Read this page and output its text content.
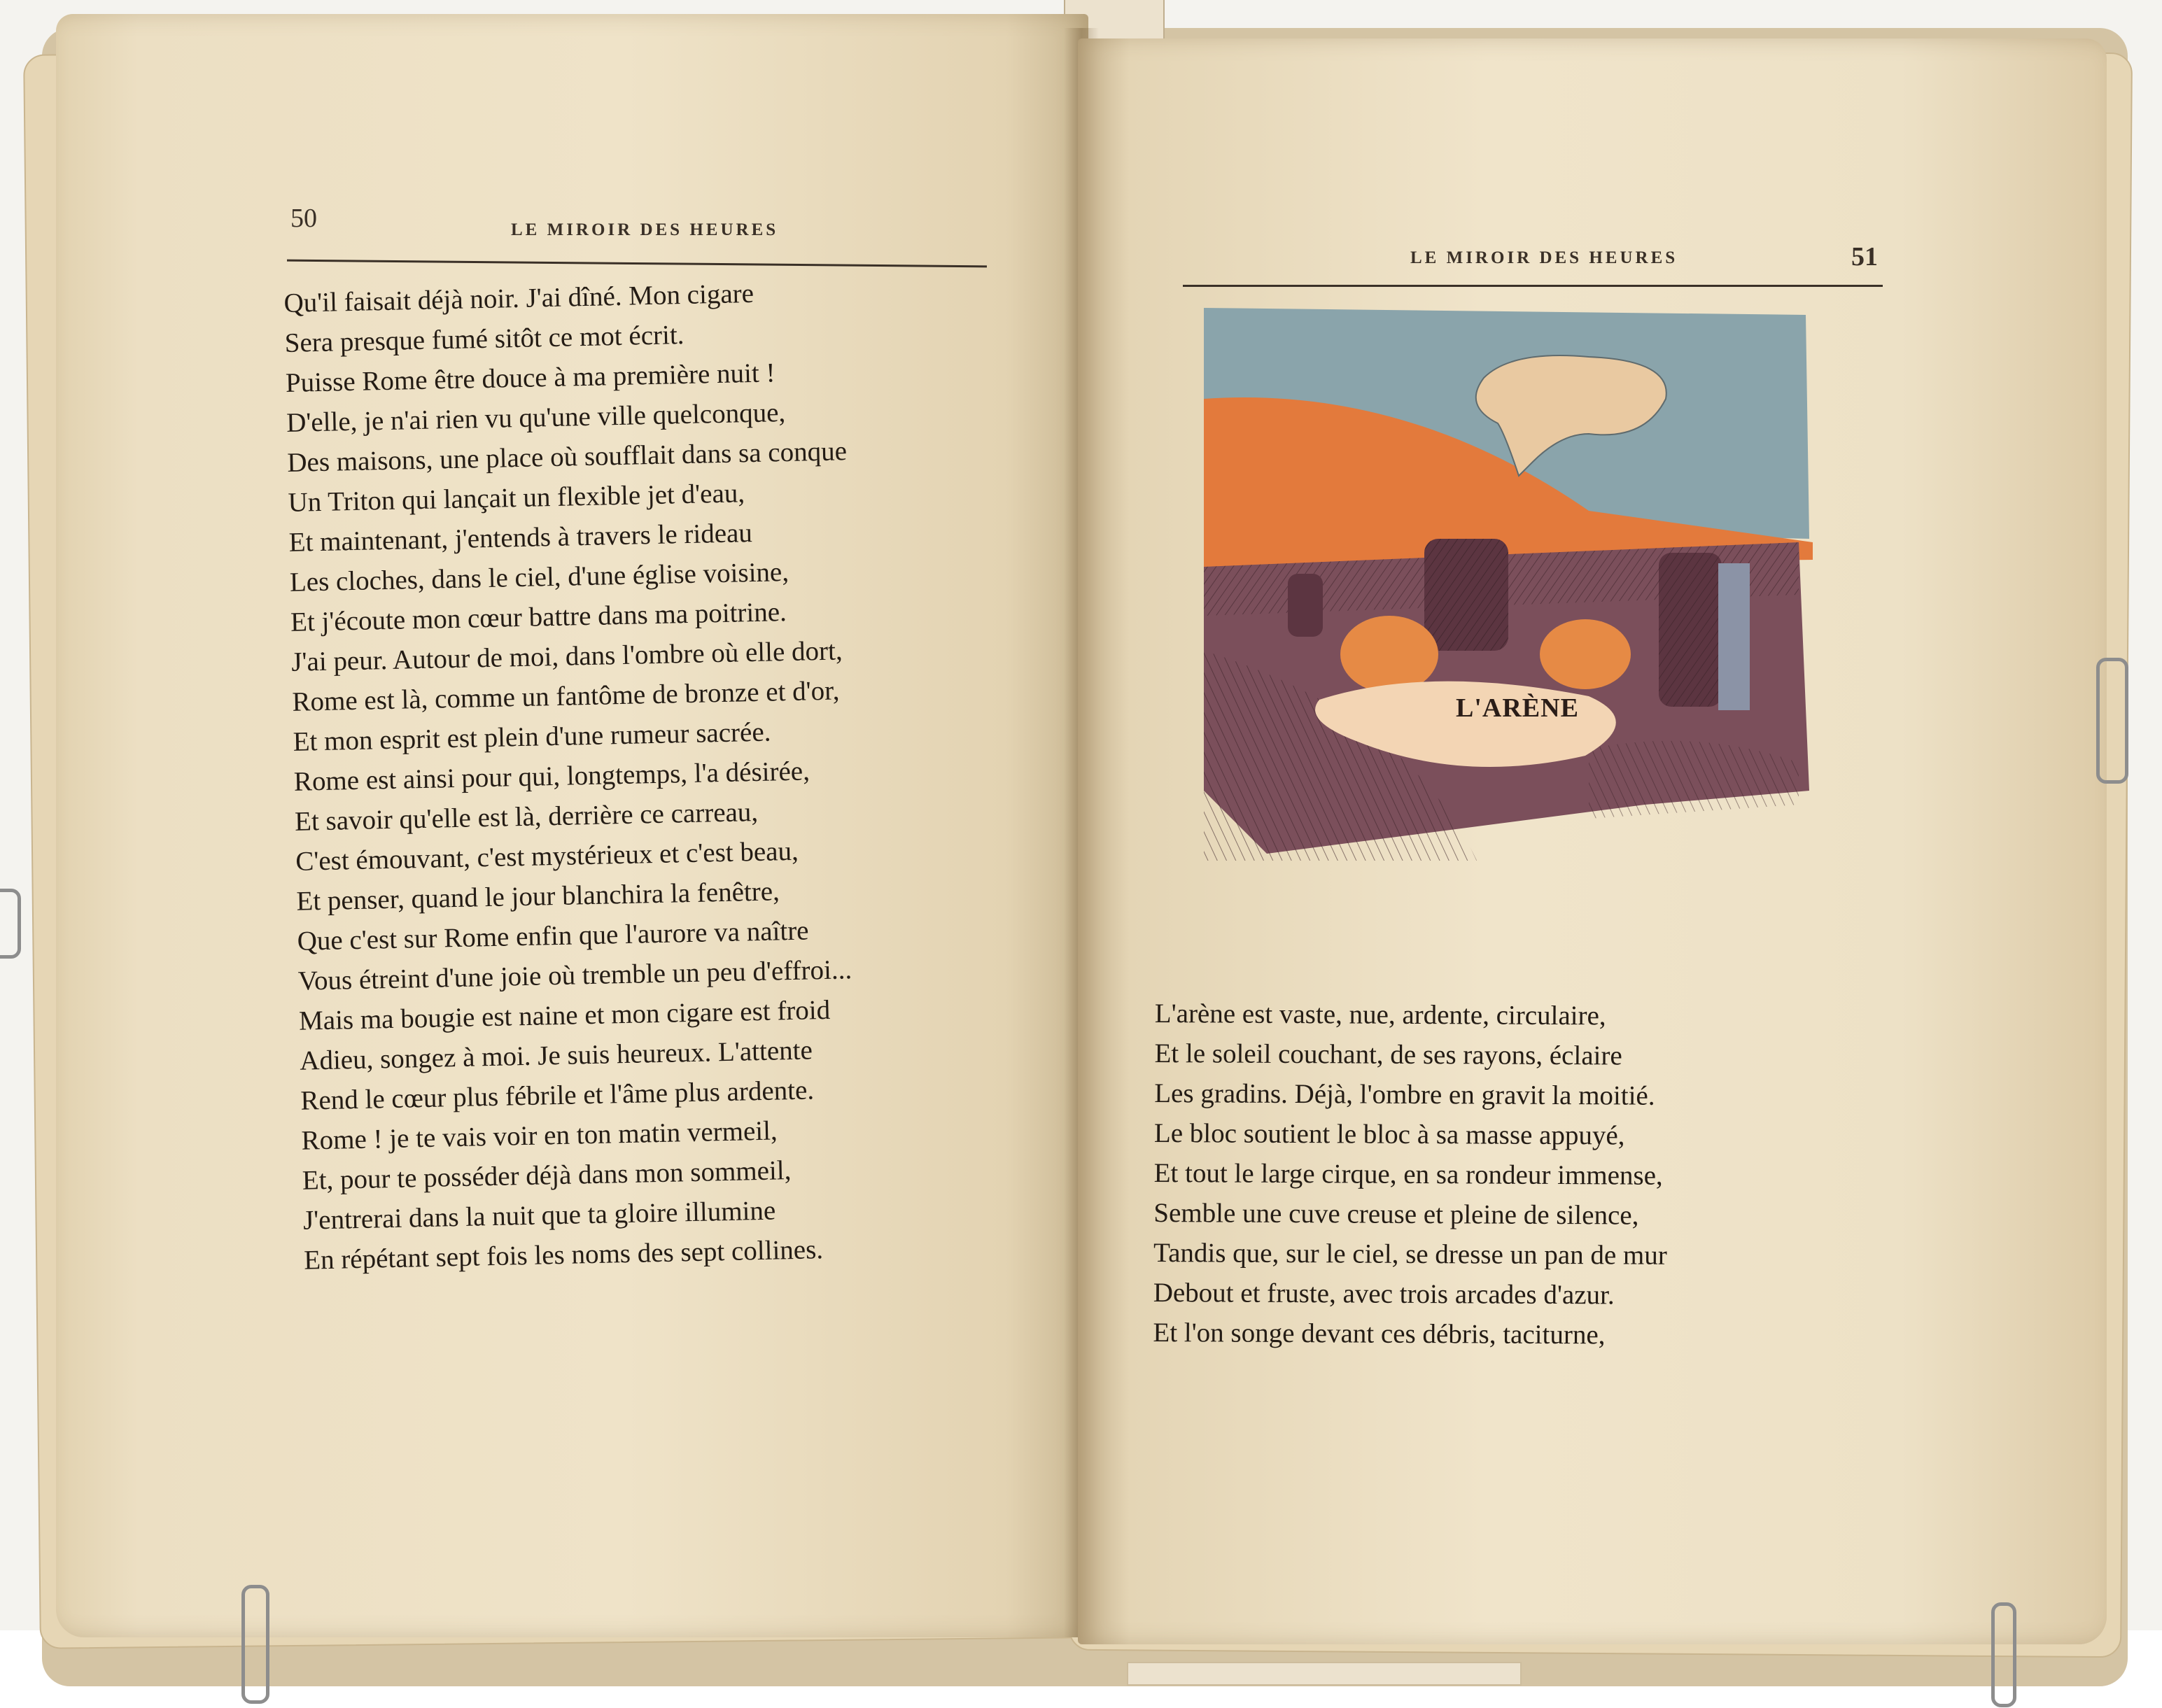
50	LE MIROIR DES HEURES
Qu'il faisait déjà noir. J'ai dîné. Mon cigare
Sera presque fumé sitôt ce mot écrit.
Puisse Rome être douce à ma première nuit !
D'elle, je n'ai rien vu qu'une ville quelconque,
Des maisons, une place où soufflait dans sa conque
Un Triton qui lançait un flexible jet d'eau,
Et maintenant, j'entends à travers le rideau
Les cloches, dans le ciel, d'une église voisine,
Et j'écoute mon cœur battre dans ma poitrine.
J'ai peur. Autour de moi, dans l'ombre où elle dort,
Rome est là, comme un fantôme de bronze et d'or,
Et mon esprit est plein d'une rumeur sacrée.
Rome est ainsi pour qui, longtemps, l'a désirée,
Et savoir qu'elle est là, derrière ce carreau,
C'est émouvant, c'est mystérieux et c'est beau,
Et penser, quand le jour blanchira la fenêtre,
Que c'est sur Rome enfin que l'aurore va naître
Vous étreint d'une joie où tremble un peu d'effroi...
Mais ma bougie est naine et mon cigare est froid
Adieu, songez à moi. Je suis heureux. L'attente
Rend le cœur plus fébrile et l'âme plus ardente.
Rome ! je te vais voir en ton matin vermeil,
Et, pour te posséder déjà dans mon sommeil,
J'entrerai dans la nuit que ta gloire illumine
En répétant sept fois les noms des sept collines.
LE MIROIR DES HEURES	51
L'ARÈNE
L'arène est vaste, nue, ardente, circulaire,
Et le soleil couchant, de ses rayons, éclaire
Les gradins. Déjà, l'ombre en gravit la moitié.
Le bloc soutient le bloc à sa masse appuyé,
Et tout le large cirque, en sa rondeur immense,
Semble une cuve creuse et pleine de silence,
Tandis que, sur le ciel, se dresse un pan de mur
Debout et fruste, avec trois arcades d'azur.
Et l'on songe devant ces débris, taciturne,
